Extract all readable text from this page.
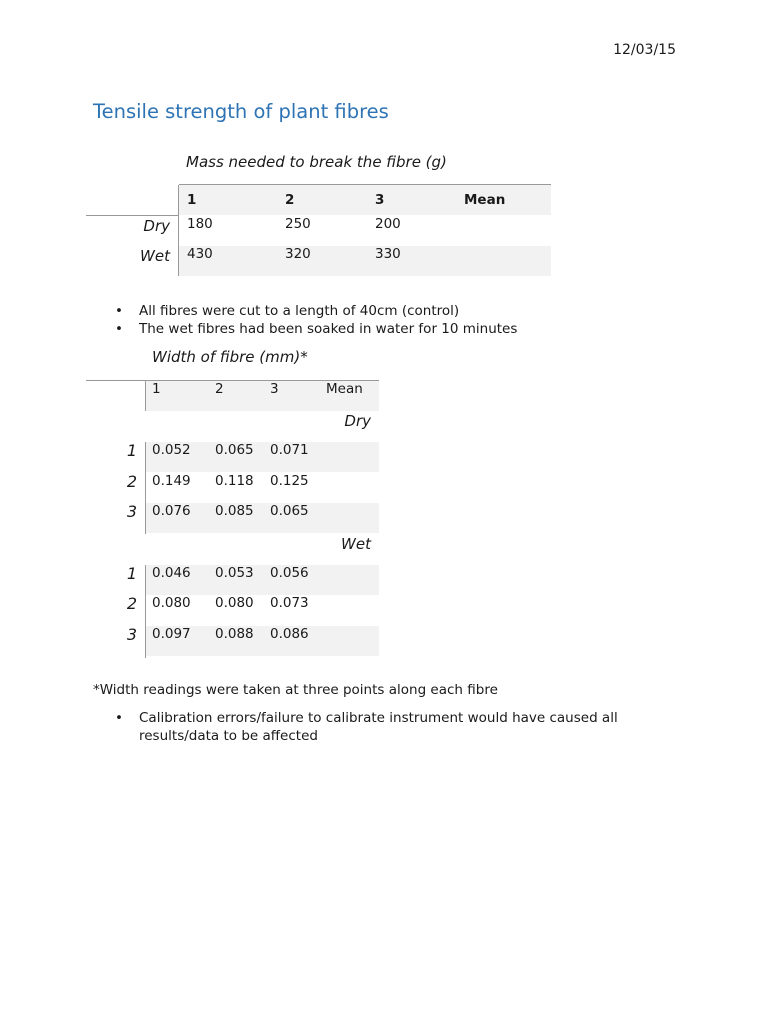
12/03/15
Tensile strength of plant fibres
Mass needed to break the fibre (g)
1	2	3	Mean
Dry 180	250	200
Wet 430	320	330
• All fibres were cut to a length of 40cm (control)
• The wet fibres had been soaked in water for 10 minutes
Width of fibre (mm)*
1	2	3	Mean
Dry
1 0.052 0.065 0.071
2 0.149 0.118 0.125
3 0.076 0.085 0.065
Wet
1 0.046 0.053 0.056
2 0.080 0.080 0.073
3 0.097 0.088 0.086
*Width readings were taken at three points along each fibre
• Calibration errors/failure to calibrate instrument would have caused all results/data to be affected
